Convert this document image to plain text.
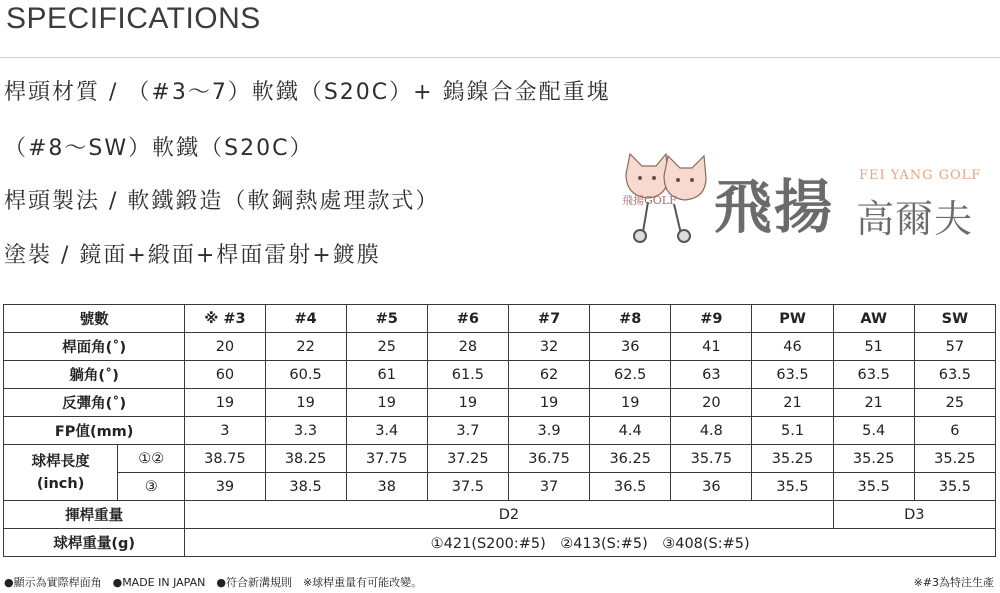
SPECIFICATIONS
桿頭材質 / （#3～7）軟鐵（S20C）+ 鎢鎳合金配重塊
（#8～SW）軟鐵（S20C）
桿頭製法 / 軟鐵鍛造（軟鋼熱處理款式）
塗裝 / 鏡面+緞面+桿面雷射+鍍膜
飛揚GOLF
FEI YANG GOLF
飛揚 高爾夫
號數		※ #3	#4	#5	#6	#7	#8	#9	PW	AW	SW
桿面角(˚)		20	22	25	28	32	36	41	46	51	57
躺角(˚)		60	60.5	61	61.5	62	62.5	63	63.5	63.5	63.5
反彈角(˚)		19	19	19	19	19	19	20	21	21	25
FP值(mm)		3	3.3	3.4	3.7	3.9	4.4	4.8	5.1	5.4	6
球桿長度
(inch)	①②	38.75	38.25	37.75	37.25	36.75	36.25	35.75	35.25	35.25	35.25
	③	39	38.5	38	37.5	37	36.5	36	35.5	35.5	35.5
揮桿重量		D2								D3	
球桿重量(g)		①421(S200:#5)　②413(S:#5)　③408(S:#5)									
●顯示為實際桿面角　●MADE IN JAPAN　●符合新溝規則　※球桿重量有可能改變。	※#3為特注生產
